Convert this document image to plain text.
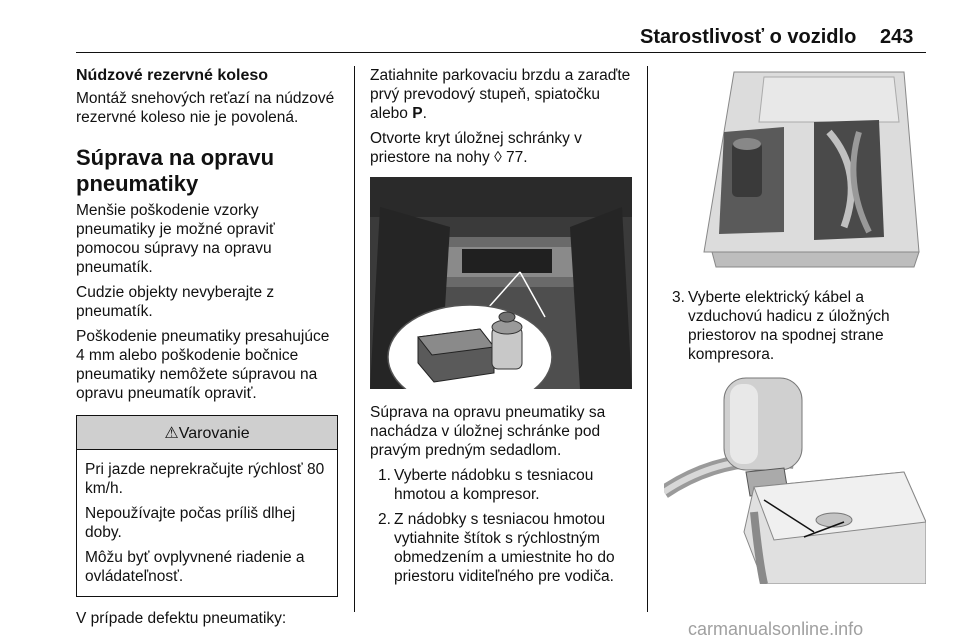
Starostlivosť o vozidlo 243
Núdzové rezervné koleso

Montáž snehových reťazí na núdzové rezervné koleso nie je povolená.

Súprava na opravu pneumatiky

Menšie poškodenie vzorky pneumatiky je možné opraviť pomocou súpravy na opravu pneumatík.

Cudzie objekty nevyberajte z pneumatík.

Poškodenie pneumatiky presahujúce 4 mm alebo poškodenie bočnice pneumatiky nemôžete súpravou na opravu pneumatík opraviť.

⚠Varovanie

Pri jazde neprekračujte rýchlosť 80 km/h.

Nepoužívajte počas príliš dlhej doby.

Môžu byť ovplyvnené riadenie a ovládateľnosť.

V prípade defektu pneumatiky:

Zatiahnite parkovaciu brzdu a zaraďte prvý prevodový stupeň, spiatočku alebo P.

Otvorte kryt úložnej schránky v priestore na nohy ◊ 77.

Súprava na opravu pneumatiky sa nachádza v úložnej schránke pod pravým predným sedadlom.

1. Vyberte nádobku s tesniacou hmotou a kompresor.
2. Z nádobky s tesniacou hmotou vytiahnite štítok s rýchlostným obmedzením a umiestnite ho do priestoru viditeľného pre vodiča.
3. Vyberte elektrický kábel a vzduchovú hadicu z úložných priestorov na spodnej strane kompresora.
carmanualsonline.info
